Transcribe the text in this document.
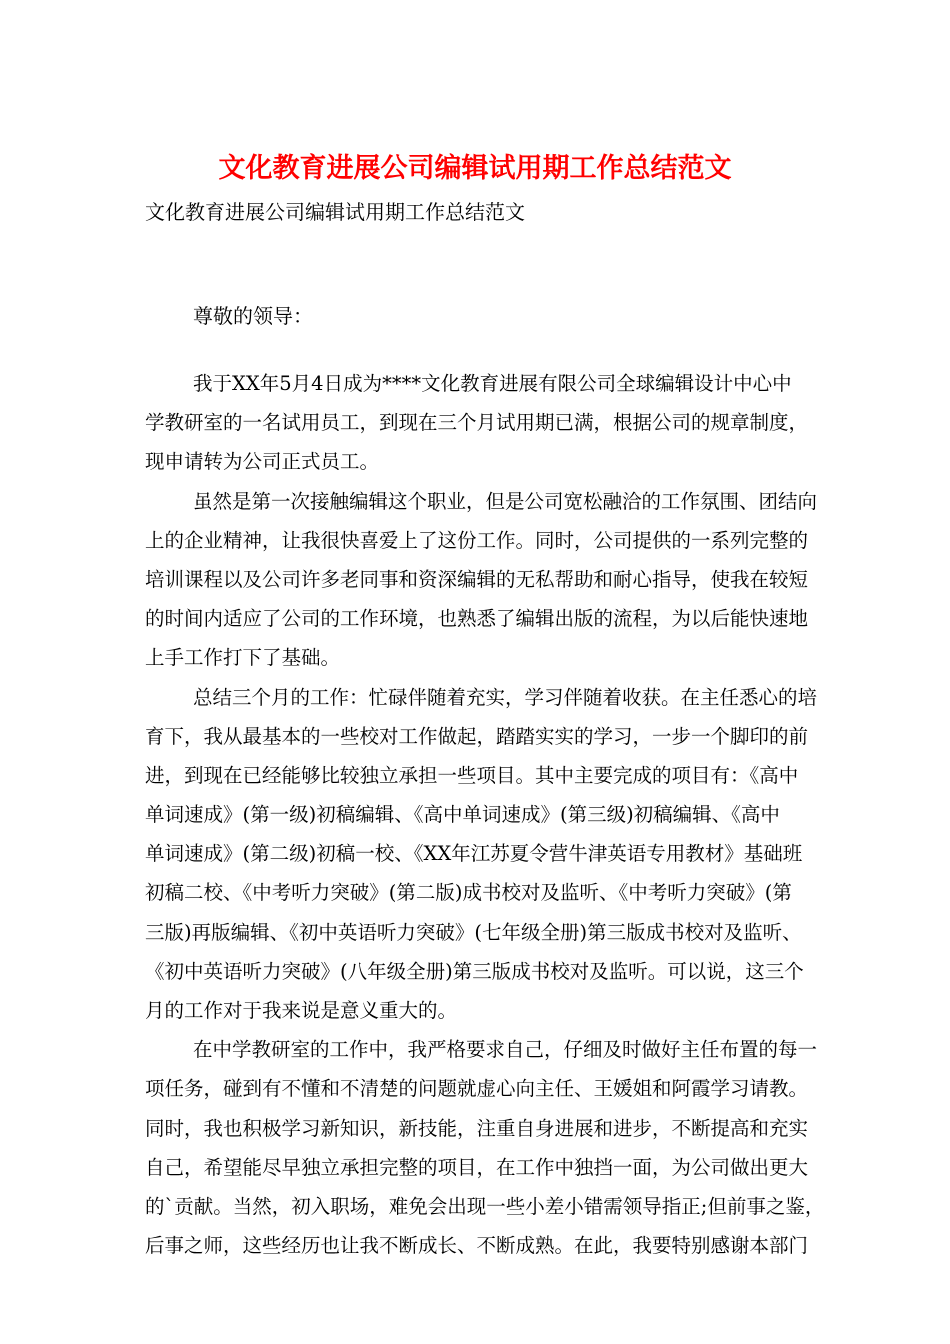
文化教育进展公司编辑试用期工作总结范文
文化教育进展公司编辑试用期工作总结范文
尊敬的领导：
我于XX年5月4日成为****文化教育进展有限公司全球编辑设计中心中
学教研室的一名试用员工，到现在三个月试用期已满，根据公司的规章制度，
现申请转为公司正式员工。
虽然是第一次接触编辑这个职业，但是公司宽松融洽的工作氛围、团结向
上的企业精神，让我很快喜爱上了这份工作。同时，公司提供的一系列完整的
培训课程以及公司许多老同事和资深编辑的无私帮助和耐心指导，使我在较短
的时间内适应了公司的工作环境，也熟悉了编辑出版的流程，为以后能快速地
上手工作打下了基础。
总结三个月的工作：忙碌伴随着充实，学习伴随着收获。在主任悉心的培
育下，我从最基本的一些校对工作做起，踏踏实实的学习，一步一个脚印的前
进，到现在已经能够比较独立承担一些项目。其中主要完成的项目有：《高中
单词速成》(第一级)初稿编辑、《高中单词速成》(第三级)初稿编辑、《高中
单词速成》(第二级)初稿一校、《XX年江苏夏令营牛津英语专用教材》基础班
初稿二校、《中考听力突破》(第二版)成书校对及监听、《中考听力突破》(第
三版)再版编辑、《初中英语听力突破》(七年级全册)第三版成书校对及监听、
《初中英语听力突破》(八年级全册)第三版成书校对及监听。可以说，这三个
月的工作对于我来说是意义重大的。
在中学教研室的工作中，我严格要求自己，仔细及时做好主任布置的每一
项任务，碰到有不懂和不清楚的问题就虚心向主任、王媛姐和阿霞学习请教。
同时，我也积极学习新知识，新技能，注重自身进展和进步，不断提高和充实
自己，希望能尽早独立承担完整的项目，在工作中独挡一面，为公司做出更大
的`贡献。当然，初入职场，难免会出现一些小差小错需领导指正;但前事之鉴，
后事之师，这些经历也让我不断成长、不断成熟。在此，我要特别感谢本部门
